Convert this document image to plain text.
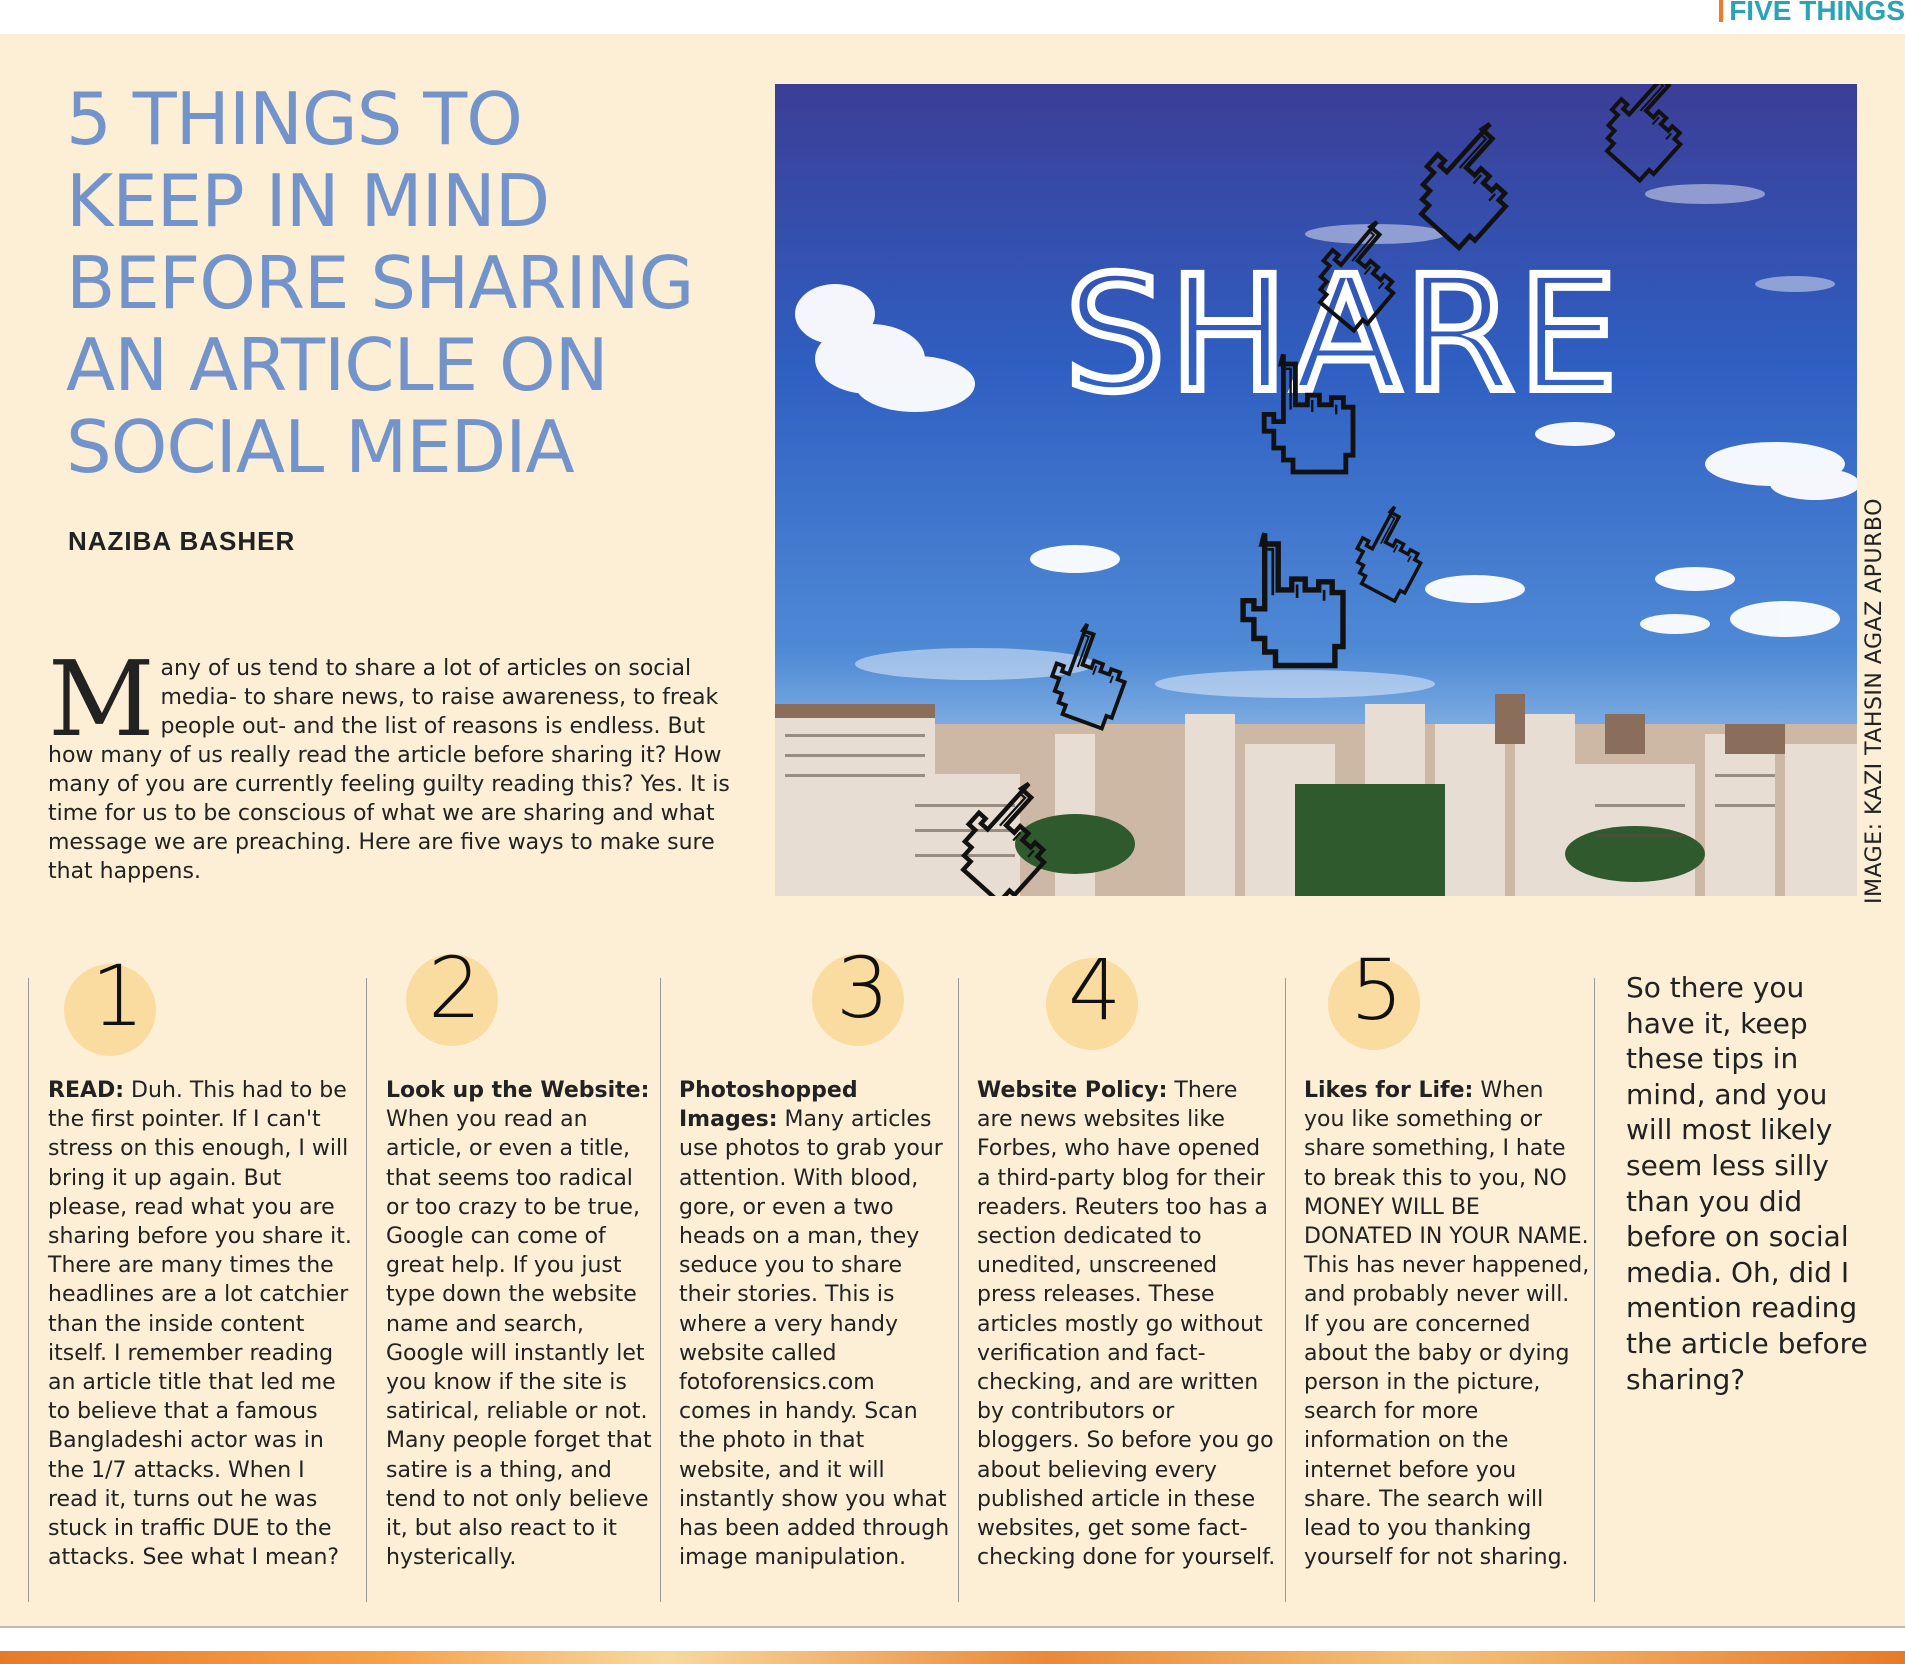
FIVE THINGS
5 THINGS TO
KEEP IN MIND
BEFORE SHARING
AN ARTICLE ON
SOCIAL MEDIA
NAZIBA BASHER
Many of us tend to share a lot of articles on social media- to share news, to raise awareness, to freak people out- and the list of reasons is endless. But how many of us really read the article before sharing it? How many of you are currently feeling guilty reading this? Yes. It is time for us to be conscious of what we are sharing and what message we are preaching. Here are five ways to make sure that happens.
SHARE
IMAGE: KAZI TAHSIN AGAZ APURBO
1	2	3 4	5
READ: Duh. This had to be the first pointer. If I can't stress on this enough, I will bring it up again. But please, read what you are sharing before you share it. There are many times the headlines are a lot catchier than the inside content itself. I remember reading an article title that led me to believe that a famous Bangladeshi actor was in the 1/7 attacks. When I read it, turns out he was stuck in traffic DUE to the attacks. See what I mean?
Look up the Website: When you read an article, or even a title, that seems too radical or too crazy to be true, Google can come of great help. If you just type down the website name and search, Google will instantly let you know if the site is satirical, reliable or not. Many people forget that satire is a thing, and tend to not only believe it, but also react to it hysterically.
Photoshopped Images: Many articles use photos to grab your attention. With blood, gore, or even a two heads on a man, they seduce you to share their stories. This is where a very handy website called fotoforensics.com comes in handy. Scan the photo in that website, and it will instantly show you what has been added through image manipulation.
Website Policy: There are news websites like Forbes, who have opened a third-party blog for their readers. Reuters too has a section dedicated to unedited, unscreened press releases. These articles mostly go without verification and fact-checking, and are written by contributors or bloggers. So before you go about believing every published article in these websites, get some fact-checking done for yourself.
Likes for Life: When you like something or share something, I hate to break this to you, NO MONEY WILL BE DONATED IN YOUR NAME. This has never happened, and probably never will. If you are concerned about the baby or dying person in the picture, search for more information on the internet before you share. The search will lead to you thanking yourself for not sharing.
So there you have it, keep these tips in mind, and you will most likely seem less silly than you did before on social media. Oh, did I mention reading the article before sharing?
